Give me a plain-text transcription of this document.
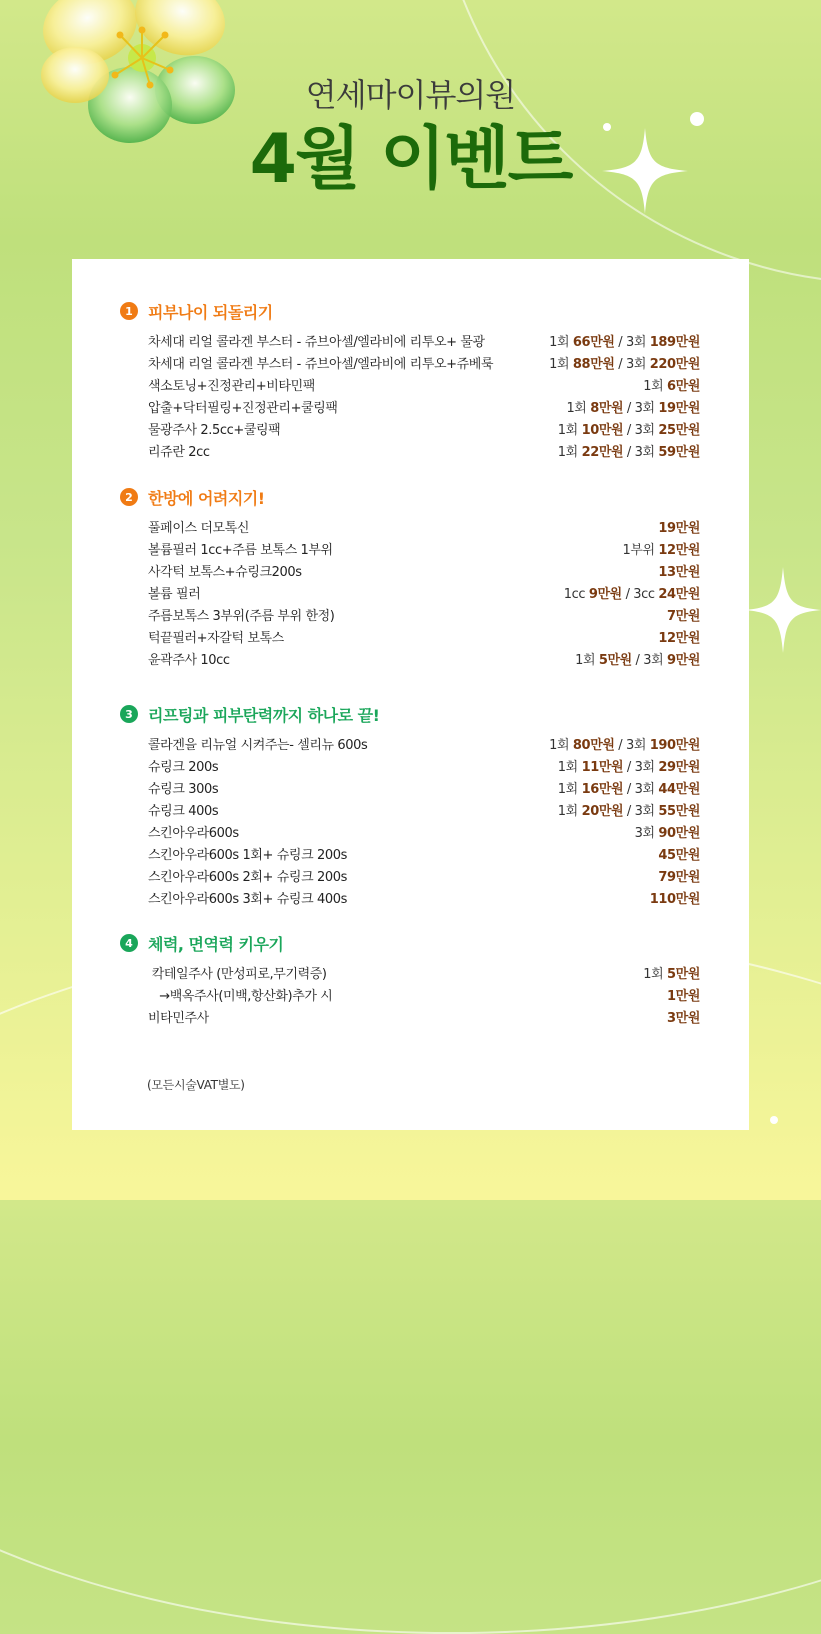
연세마이뷰의원
4월 이벤트
1 피부나이 되돌리기
차세대 리얼 콜라겐 부스터 - 쥬브아셀/엘라비에 리투오+ 물광	1회 66만원 / 3회 189만원
차세대 리얼 콜라겐 부스터 - 쥬브아셀/엘라비에 리투오+쥬베룩	1회 88만원 / 3회 220만원
색소토닝+진정관리+비타민팩	1회 6만원
압출+닥터필링+진정관리+쿨링팩	1회 8만원 / 3회 19만원
물광주사 2.5cc+쿨링팩	1회 10만원 / 3회 25만원
리쥬란 2cc	1회 22만원 / 3회 59만원
2 한방에 어려지기!
풀페이스 더모톡신	19만원
볼륨필러 1cc+주름 보톡스 1부위	1부위 12만원
사각턱 보톡스+슈링크200s	13만원
볼륨 필러	1cc 9만원 / 3cc 24만원
주름보톡스 3부위(주름 부위 한정)	7만원
턱끝필러+자갈턱 보톡스	12만원
윤곽주사 10cc	1회 5만원 / 3회 9만원
3 리프팅과 피부탄력까지 하나로 끝!
콜라겐을 리뉴얼 시켜주는- 셀리뉴 600s	1회 80만원 / 3회 190만원
슈링크 200s	1회 11만원 / 3회 29만원
슈링크 300s	1회 16만원 / 3회 44만원
슈링크 400s	1회 20만원 / 3회 55만원
스킨아우라600s	3회 90만원
스킨아우라600s 1회+ 슈링크 200s	45만원
스킨아우라600s 2회+ 슈링크 200s	79만원
스킨아우라600s 3회+ 슈링크 400s	110만원
4 체력, 면역력 키우기
칵테일주사 (만성피로,무기력증)	1회 5만원
→백옥주사(미백,항산화)추가 시	1만원
비타민주사	3만원
(모든시술VAT별도)
